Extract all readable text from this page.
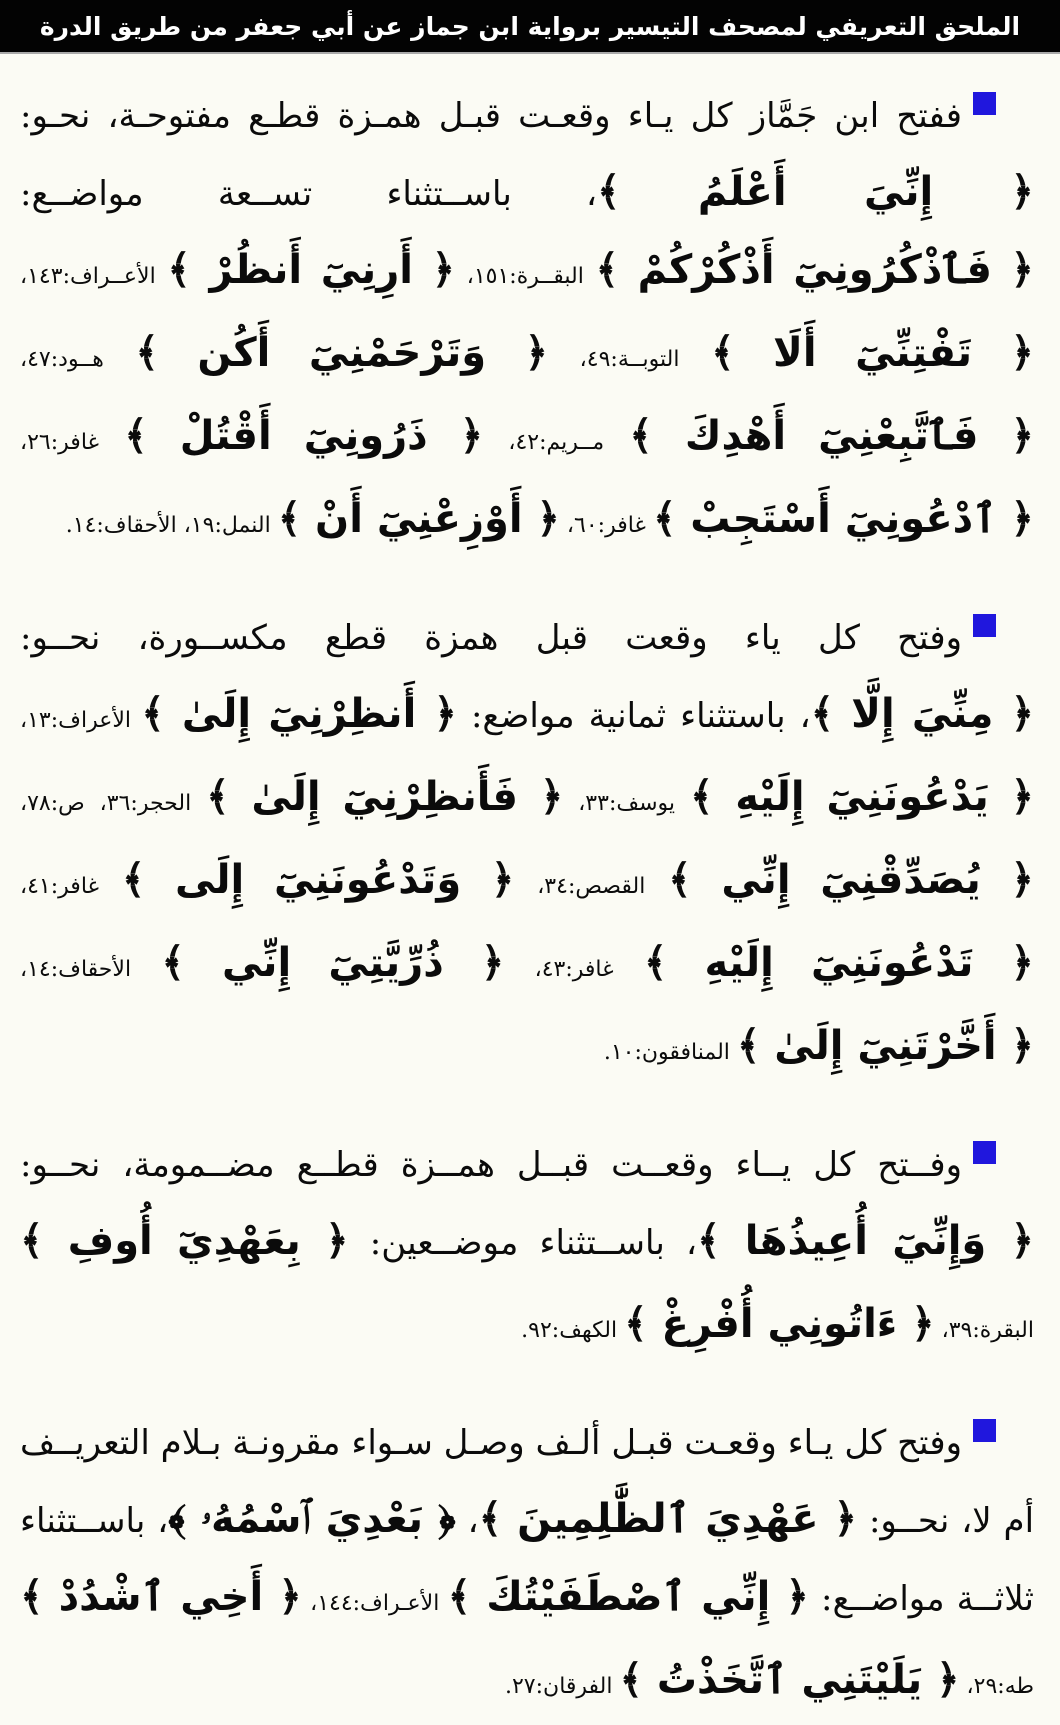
الملحق التعريفي لمصحف التيسير برواية ابن جماز عن أبي جعفر من طريق الدرة

ففتح ابن جَمَّاز كل يـاء وقعـت قبـل همـزة قطـع مفتوحـة، نحـو: ﴿ إِنِّيَ أَعْلَمُ ﴾، باســتثناء تســعة مواضــع: ﴿ فَٱذْكُرُونِيٓ أَذْكُرْكُمْ ﴾ البقــرة:١٥١، ﴿ أَرِنِيٓ أَنظُرْ ﴾ الأعــراف:١٤٣، ﴿ تَفْتِنِّيٓ أَلَا ﴾ التوبــة:٤٩، ﴿ وَتَرْحَمْنِيٓ أَكُن ﴾ هــود:٤٧، ﴿ فَٱتَّبِعْنِيٓ أَهْدِكَ ﴾ مــريم:٤٢، ﴿ ذَرُونِيٓ أَقْتُلْ ﴾ غافر:٢٦، ﴿ ٱدْعُونِيٓ أَسْتَجِبْ ﴾ غافر:٦٠، ﴿ أَوْزِعْنِيٓ أَنْ ﴾ النمل:١٩، الأحقاف:١٤.

وفتح كل ياء وقعت قبل همزة قطع مكســورة، نحــو: ﴿ مِنِّيَ إِلَّا ﴾، باستثناء ثمانية مواضع: ﴿ أَنظِرْنِيٓ إِلَىٰ ﴾ الأعراف:١٣، ﴿ يَدْعُونَنِيٓ إِلَيْهِ ﴾ يوسف:٣٣، ﴿ فَأَنظِرْنِيٓ إِلَىٰ ﴾ الحجر:٣٦، ص:٧٨، ﴿ يُصَدِّقْنِيٓ إِنِّي ﴾ القصص:٣٤، ﴿ وَتَدْعُونَنِيٓ إِلَى ﴾ غافر:٤١، ﴿ تَدْعُونَنِيٓ إِلَيْهِ ﴾ غافر:٤٣، ﴿ ذُرِّيَّتِيٓ إِنِّي ﴾ الأحقاف:١٤، ﴿ أَخَّرْتَنِيٓ إِلَىٰ ﴾ المنافقون:١٠.

وفــتح كل يــاء وقعــت قبــل همــزة قطــع مضــمومة، نحــو: ﴿ وَإِنِّيٓ أُعِيذُهَا ﴾، باســتثناء موضــعين: ﴿ بِعَهْدِيٓ أُوفِ ﴾ البقرة:٣٩، ﴿ ءَاتُونِي أُفْرِغْ ﴾ الكهف:٩٢.

وفتح كل يـاء وقعـت قبـل ألـف وصـل سـواء مقرونـة بـلام التعريــف أم لا، نحــو: ﴿ عَهْدِيَ ٱلظَّٰلِمِينَ ﴾، ﴿ بَعْدِيَ ٱسْمُهُۥ ﴾، باســتثناء ثلاثــة مواضــع: ﴿ إِنِّي ٱصْطَفَيْتُكَ ﴾ الأعـراف:١٤٤، ﴿ أَخِي ٱشْدُدْ ﴾ طه:٢٩، ﴿ يَلَيْتَنِي ٱتَّخَذْتُ ﴾ الفرقان:٢٧.
